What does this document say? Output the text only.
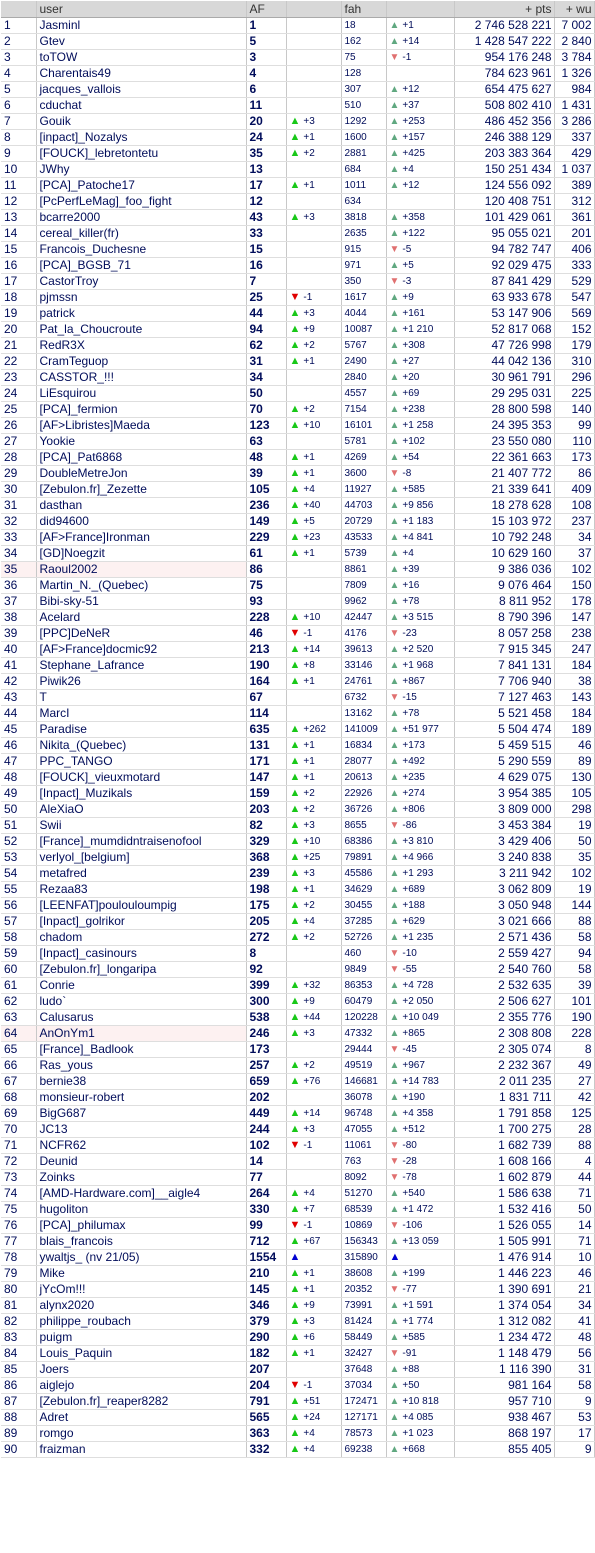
	user	AF		fah		+ pts	+ wu
1	Jasminl	1		18	▲ +1	2 746 528 221	7 002
2	Gtev	5		162	▲ +14	1 428 547 222	2 840
3	toTOW	3		75	▼ -1	954 176 248	3 784
4	Charentais49	4		128		784 623 961	1 326
5	jacques_vallois	6		307	▲ +12	654 475 627	984
6	cduchat	11		510	▲ +37	508 802 410	1 431
7	Gouik	20	▲ +3	1292	▲ +253	486 452 356	3 286
8	[inpact]_Nozalys	24	▲ +1	1600	▲ +157	246 388 129	337
9	[FOUCK]_lebretontetu	35	▲ +2	2881	▲ +425	203 383 364	429
10	JWhy	13		684	▲ +4	150 251 434	1 037
11	[PCA]_Patoche17	17	▲ +1	1011	▲ +12	124 556 092	389
12	[PcPerfLeMag]_foo_fight	12		634		120 408 751	312
13	bcarre2000	43	▲ +3	3818	▲ +358	101 429 061	361
14	cereal_killer(fr)	33		2635	▲ +122	95 055 021	201
15	Francois_Duchesne	15		915	▼ -5	94 782 747	406
16	[PCA]_BGSB_71	16		971	▲ +5	92 029 475	333
17	CastorTroy	7		350	▼ -3	87 841 429	529
18	pjmssn	25	▼ -1	1617	▲ +9	63 933 678	547
19	patrick	44	▲ +3	4044	▲ +161	53 147 906	569
20	Pat_la_Choucroute	94	▲ +9	10087	▲ +1 210	52 817 068	152
21	RedR3X	62	▲ +2	5767	▲ +308	47 726 998	179
22	CramTeguop	31	▲ +1	2490	▲ +27	44 042 136	310
23	CASSTOR_!!!	34		2840	▲ +20	30 961 791	296
24	LiEsquirou	50		4557	▲ +69	29 295 031	225
25	[PCA]_fermion	70	▲ +2	7154	▲ +238	28 800 598	140
26	[AF>Libristes]Maeda	123	▲ +10	16101	▲ +1 258	24 395 353	99
27	Yookie	63		5781	▲ +102	23 550 080	110
28	[PCA]_Pat6868	48	▲ +1	4269	▲ +54	22 361 663	173
29	DoubleMetreJon	39	▲ +1	3600	▼ -8	21 407 772	86
30	[Zebulon.fr]_Zezette	105	▲ +4	11927	▲ +585	21 339 641	409
31	dasthan	236	▲ +40	44703	▲ +9 856	18 278 628	108
32	did94600	149	▲ +5	20729	▲ +1 183	15 103 972	237
33	[AF>France]Ironman	229	▲ +23	43533	▲ +4 841	10 792 248	34
34	[GD]Noegzit	61	▲ +1	5739	▲ +4	10 629 160	37
35	Raoul2002	86		8861	▲ +39	9 386 036	102
36	Martin_N._(Quebec)	75		7809	▲ +16	9 076 464	150
37	Bibi-sky-51	93		9962	▲ +78	8 811 952	178
38	Acelard	228	▲ +10	42447	▲ +3 515	8 790 396	147
39	[PPC]DeNeR	46	▼ -1	4176	▼ -23	8 057 258	238
40	[AF>France]docmic92	213	▲ +14	39613	▲ +2 520	7 915 345	247
41	Stephane_Lafrance	190	▲ +8	33146	▲ +1 968	7 841 131	184
42	Piwik26	164	▲ +1	24761	▲ +867	7 706 940	38
43	T	67		6732	▼ -15	7 127 463	143
44	MarcI	114		13162	▲ +78	5 521 458	184
45	Paradise	635	▲ +262	141009	▲ +51 977	5 504 474	189
46	Nikita_(Quebec)	131	▲ +1	16834	▲ +173	5 459 515	46
47	PPC_TANGO	171	▲ +1	28077	▲ +492	5 290 559	89
48	[FOUCK]_vieuxmotard	147	▲ +1	20613	▲ +235	4 629 075	130
49	[Inpact]_Muzikals	159	▲ +2	22926	▲ +274	3 954 385	105
50	AleXiaO	203	▲ +2	36726	▲ +806	3 809 000	298
51	Swii	82	▲ +3	8655	▼ -86	3 453 384	19
52	[France]_mumdidntraisenofool	329	▲ +10	68386	▲ +3 810	3 429 406	50
53	verlyol_[belgium]	368	▲ +25	79891	▲ +4 966	3 240 838	35
54	metafred	239	▲ +3	45586	▲ +1 293	3 211 942	102
55	Rezaa83	198	▲ +1	34629	▲ +689	3 062 809	19
56	[LEENFAT]poulouloumpig	175	▲ +2	30455	▲ +188	3 050 948	144
57	[Inpact]_golrikor	205	▲ +4	37285	▲ +629	3 021 666	88
58	chadom	272	▲ +2	52726	▲ +1 235	2 571 436	58
59	[Inpact]_casinours	8		460	▼ -10	2 559 427	94
60	[Zebulon.fr]_longaripa	92		9849	▼ -55	2 540 760	58
61	Conrie	399	▲ +32	86353	▲ +4 728	2 532 635	39
62	ludo`	300	▲ +9	60479	▲ +2 050	2 506 627	101
63	Calusarus	538	▲ +44	120228	▲ +10 049	2 355 776	190
64	AnOnYm1	246	▲ +3	47332	▲ +865	2 308 808	228
65	[France]_Badlook	173		29444	▼ -45	2 305 074	8
66	Ras_yous	257	▲ +2	49519	▲ +967	2 232 367	49
67	bernie38	659	▲ +76	146681	▲ +14 783	2 011 235	27
68	monsieur-robert	202		36078	▲ +190	1 831 711	42
69	BigG687	449	▲ +14	96748	▲ +4 358	1 791 858	125
70	JC13	244	▲ +3	47055	▲ +512	1 700 275	28
71	NCFR62	102	▼ -1	11061	▼ -80	1 682 739	88
72	Deunid	14		763	▼ -28	1 608 166	4
73	Zoinks	77		8092	▼ -78	1 602 879	44
74	[AMD-Hardware.com]__aigle4	264	▲ +4	51270	▲ +540	1 586 638	71
75	hugoliton	330	▲ +7	68539	▲ +1 472	1 532 416	50
76	[PCA]_philumax	99	▼ -1	10869	▼ -106	1 526 055	14
77	blais_francois	712	▲ +67	156343	▲ +13 059	1 505 991	71
78	ywaltjs_ (nv 21/05)	1554	▲	315890	▲	1 476 914	10
79	Mike	210	▲ +1	38608	▲ +199	1 446 223	46
80	jYcOm!!!	145	▲ +1	20352	▼ -77	1 390 691	21
81	alynx2020	346	▲ +9	73991	▲ +1 591	1 374 054	34
82	philippe_roubach	379	▲ +3	81424	▲ +1 774	1 312 082	41
83	puigm	290	▲ +6	58449	▲ +585	1 234 472	48
84	Louis_Paquin	182	▲ +1	32427	▼ -91	1 148 479	56
85	Joers	207		37648	▲ +88	1 116 390	31
86	aiglejo	204	▼ -1	37034	▲ +50	981 164	58
87	[Zebulon.fr]_reaper8282	791	▲ +51	172471	▲ +10 818	957 710	9
88	Adret	565	▲ +24	127171	▲ +4 085	938 467	53
89	romgo	363	▲ +4	78573	▲ +1 023	868 197	17
90	fraizman	332	▲ +4	69238	▲ +668	855 405	9
